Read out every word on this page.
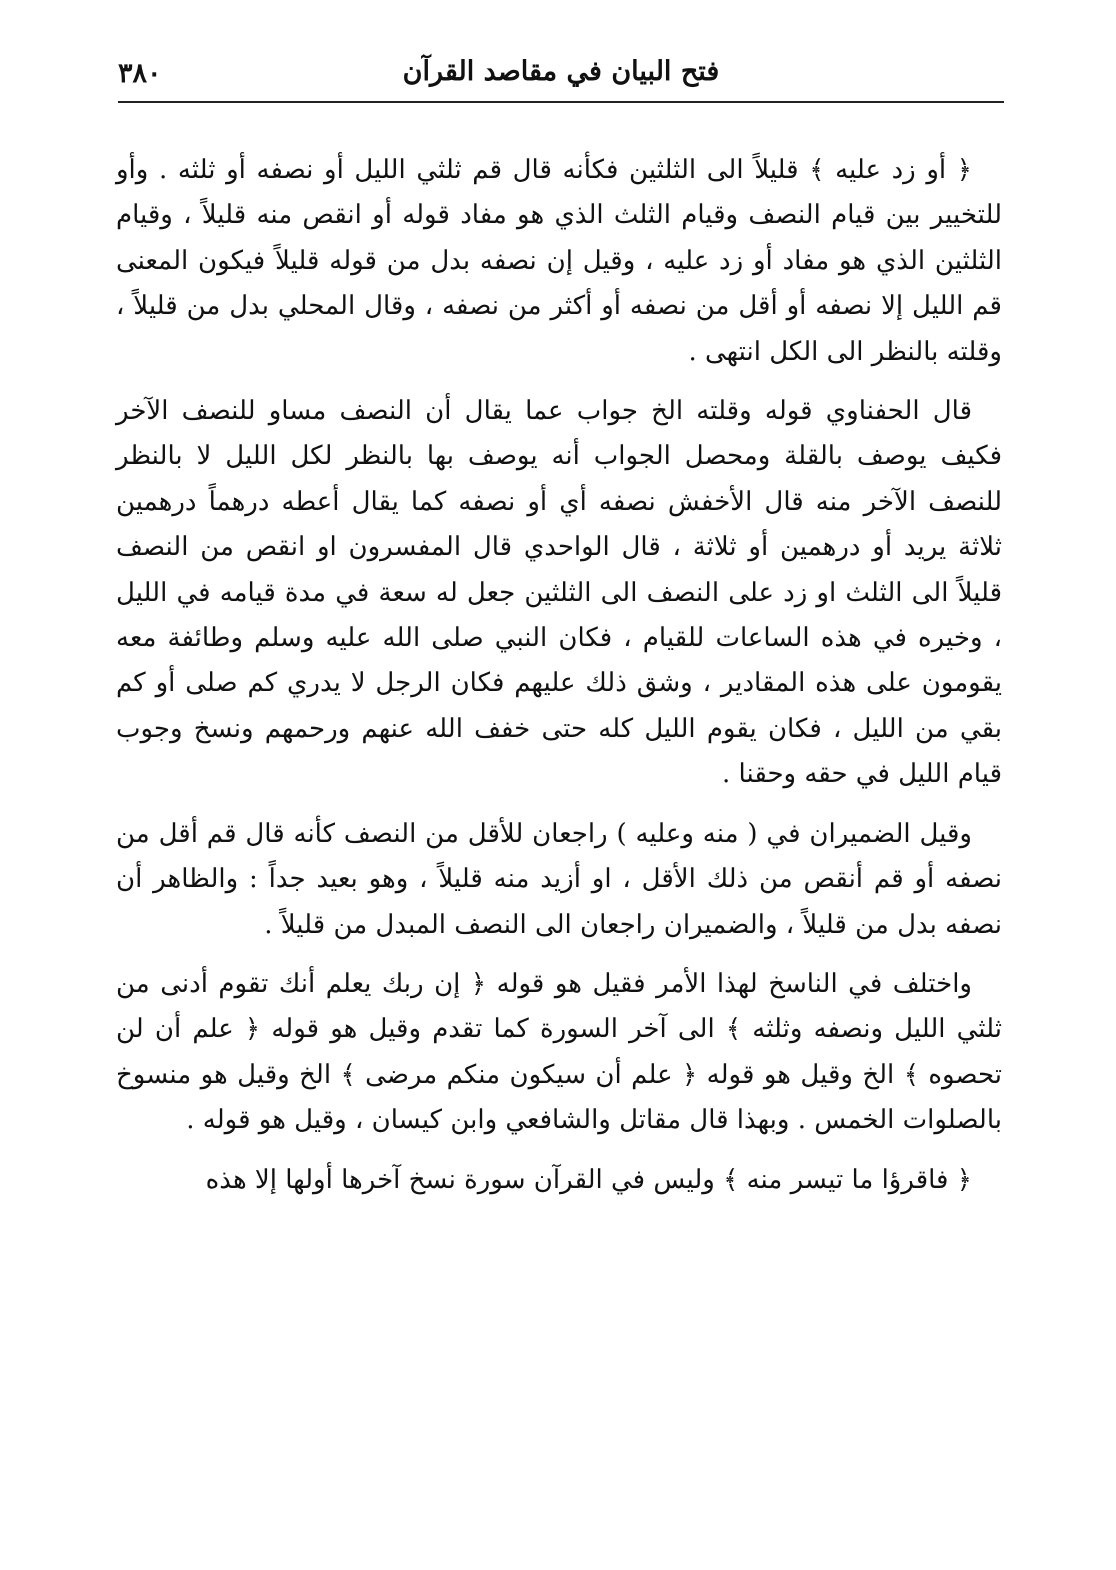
٣٨٠	فتح البيان في مقاصد القرآن

﴿ أو زد عليه ﴾ قليلاً الى الثلثين فكأنه قال قم ثلثي الليل أو نصفه أو ثلثه . وأو للتخيير بين قيام النصف وقيام الثلث الذي هو مفاد قوله أو انقص منه قليلاً ، وقيام الثلثين الذي هو مفاد أو زد عليه ، وقيل إن نصفه بدل من قوله قليلاً فيكون المعنى قم الليل إلا نصفه أو أقل من نصفه أو أكثر من نصفه ، وقال المحلي بدل من قليلاً ، وقلته بالنظر الى الكل انتهى .

قال الحفناوي قوله وقلته الخ جواب عما يقال أن النصف مساو للنصف الآخر فكيف يوصف بالقلة ومحصل الجواب أنه يوصف بها بالنظر لكل الليل لا بالنظر للنصف الآخر منه قال الأخفش نصفه أي أو نصفه كما يقال أعطه درهماً درهمين ثلاثة يريد أو درهمين أو ثلاثة ، قال الواحدي قال المفسرون او انقص من النصف قليلاً الى الثلث او زد على النصف الى الثلثين جعل له سعة في مدة قيامه في الليل ، وخيره في هذه الساعات للقيام ، فكان النبي صلى الله عليه وسلم وطائفة معه يقومون على هذه المقادير ، وشق ذلك عليهم فكان الرجل لا يدري كم صلى أو كم بقي من الليل ، فكان يقوم الليل كله حتى خفف الله عنهم ورحمهم ونسخ وجوب قيام الليل في حقه وحقنا .

وقيل الضميران في ( منه وعليه ) راجعان للأقل من النصف كأنه قال قم أقل من نصفه أو قم أنقص من ذلك الأقل ، او أزيد منه قليلاً ، وهو بعيد جداً : والظاهر أن نصفه بدل من قليلاً ، والضميران راجعان الى النصف المبدل من قليلاً .

واختلف في الناسخ لهذا الأمر فقيل هو قوله ﴿ إن ربك يعلم أنك تقوم أدنى من ثلثي الليل ونصفه وثلثه ﴾ الى آخر السورة كما تقدم وقيل هو قوله ﴿ علم أن لن تحصوه ﴾ الخ وقيل هو قوله ﴿ علم أن سيكون منكم مرضى ﴾ الخ وقيل هو منسوخ بالصلوات الخمس . وبهذا قال مقاتل والشافعي وابن كيسان ، وقيل هو قوله .

﴿ فاقرؤا ما تيسر منه ﴾ وليس في القرآن سورة نسخ آخرها أولها إلا هذه
